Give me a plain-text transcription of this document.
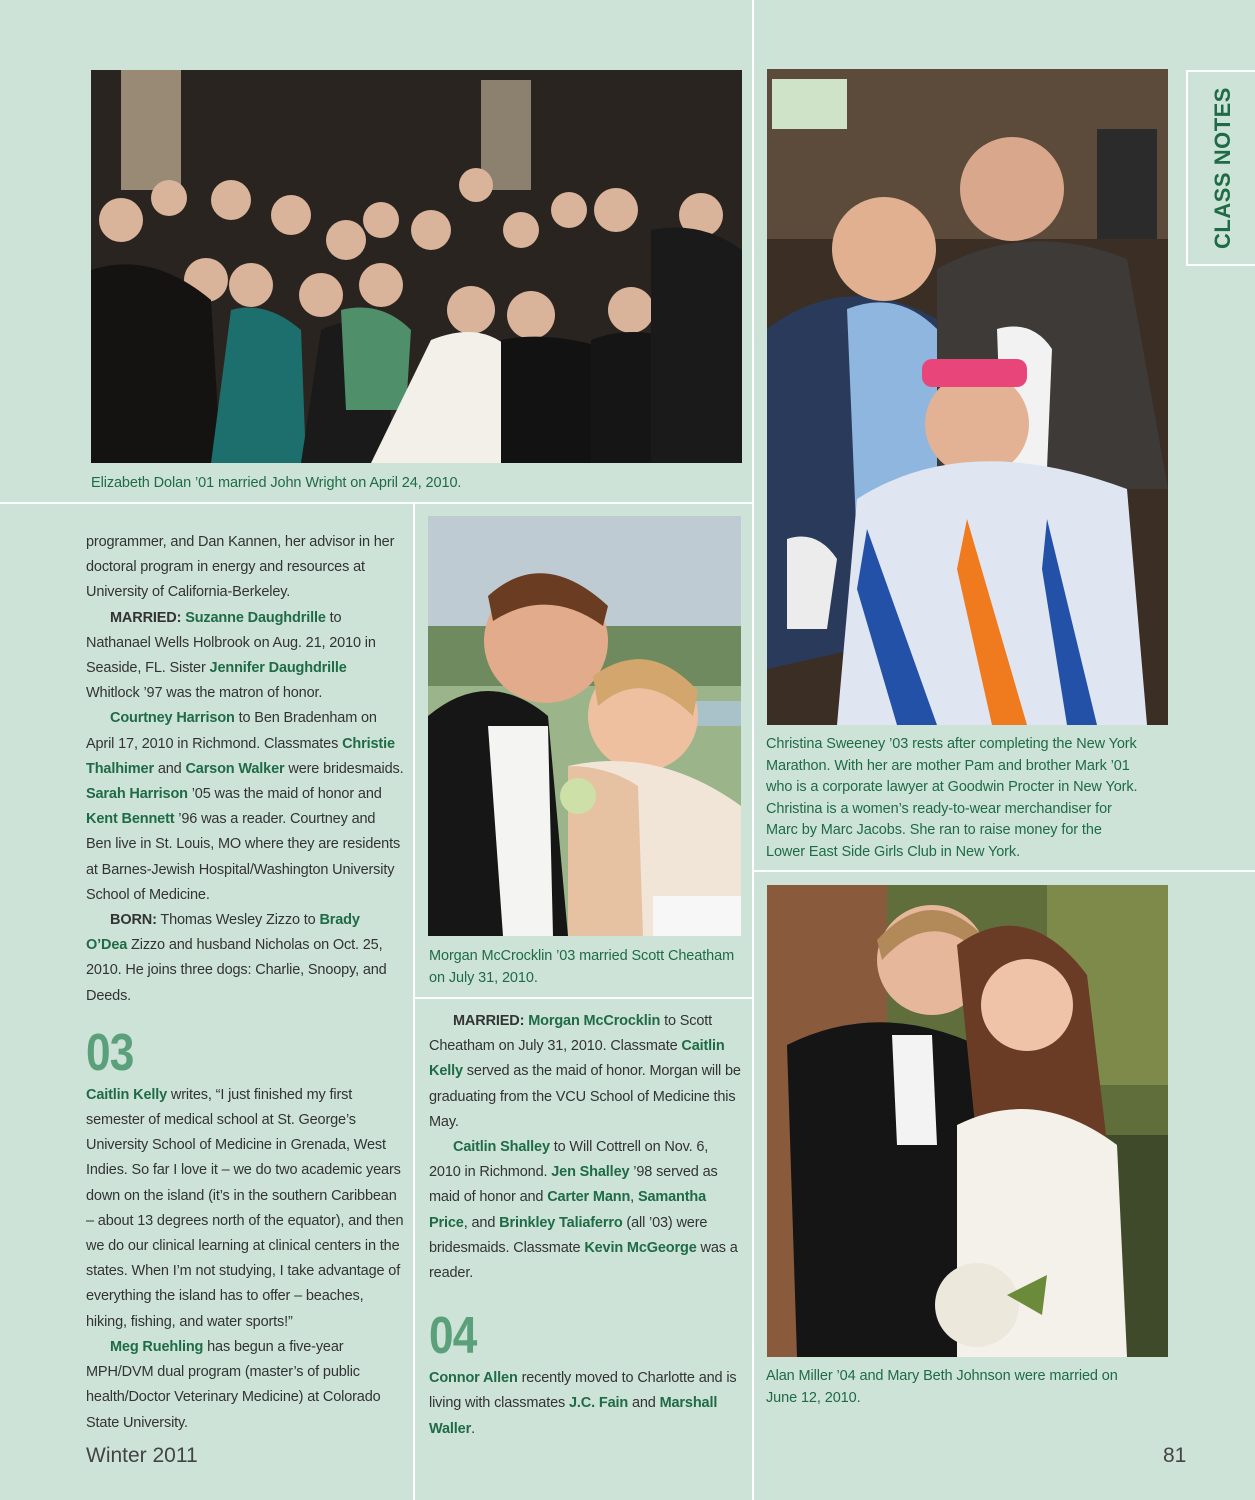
CLASS NOTES
Elizabeth Dolan ’01 married John Wright on April 24, 2010.
Christina Sweeney ’03 rests after completing the New York Marathon. With her are mother Pam and brother Mark ’01 who is a corporate lawyer at Goodwin Procter in New York. Christina is a women’s ready-to-wear merchandiser for Marc by Marc Jacobs. She ran to raise money for the Lower East Side Girls Club in New York.
Morgan McCrocklin ’03 married Scott Cheatham on July 31, 2010.
Alan Miller ’04 and Mary Beth Johnson were married on June 12, 2010.

programmer, and Dan Kannen, her advisor in her doctoral program in energy and resources at University of California-Berkeley.

MARRIED: Suzanne Daughdrille to Nathanael Wells Holbrook on Aug. 21, 2010 in Seaside, FL. Sister Jennifer Daughdrille Whitlock ’97 was the matron of honor.

Courtney Harrison to Ben Bradenham on April 17, 2010 in Richmond. Classmates Christie Thalhimer and Carson Walker were bridesmaids. Sarah Harrison ’05 was the maid of honor and Kent Bennett ’96 was a reader. Courtney and Ben live in St. Louis, MO where they are residents at Barnes-Jewish Hospital/Washington University School of Medicine.

BORN: Thomas Wesley Zizzo to Brady O’Dea Zizzo and husband Nicholas on Oct. 25, 2010. He joins three dogs: Charlie, Snoopy, and Deeds.

03

Caitlin Kelly writes, “I just finished my first semester of medical school at St. George’s University School of Medicine in Grenada, West Indies. So far I love it – we do two academic years down on the island (it’s in the southern Caribbean – about 13 degrees north of the equator), and then we do our clinical learning at clinical centers in the states. When I’m not studying, I take advantage of everything the island has to offer – beaches, hiking, fishing, and water sports!”

Meg Ruehling has begun a five-year MPH/DVM dual program (master’s of public health/Doctor Veterinary Medicine) at Colorado State University.

MARRIED: Morgan McCrocklin to Scott Cheatham on July 31, 2010. Classmate Caitlin Kelly served as the maid of honor. Morgan will be graduating from the VCU School of Medicine this May.

Caitlin Shalley to Will Cottrell on Nov. 6, 2010 in Richmond. Jen Shalley ’98 served as maid of honor and Carter Mann, Samantha Price, and Brinkley Taliaferro (all ’03) were bridesmaids. Classmate Kevin McGeorge was a reader.

04

Connor Allen recently moved to Charlotte and is living with classmates J.C. Fain and Marshall Waller.

Winter 2011	81
